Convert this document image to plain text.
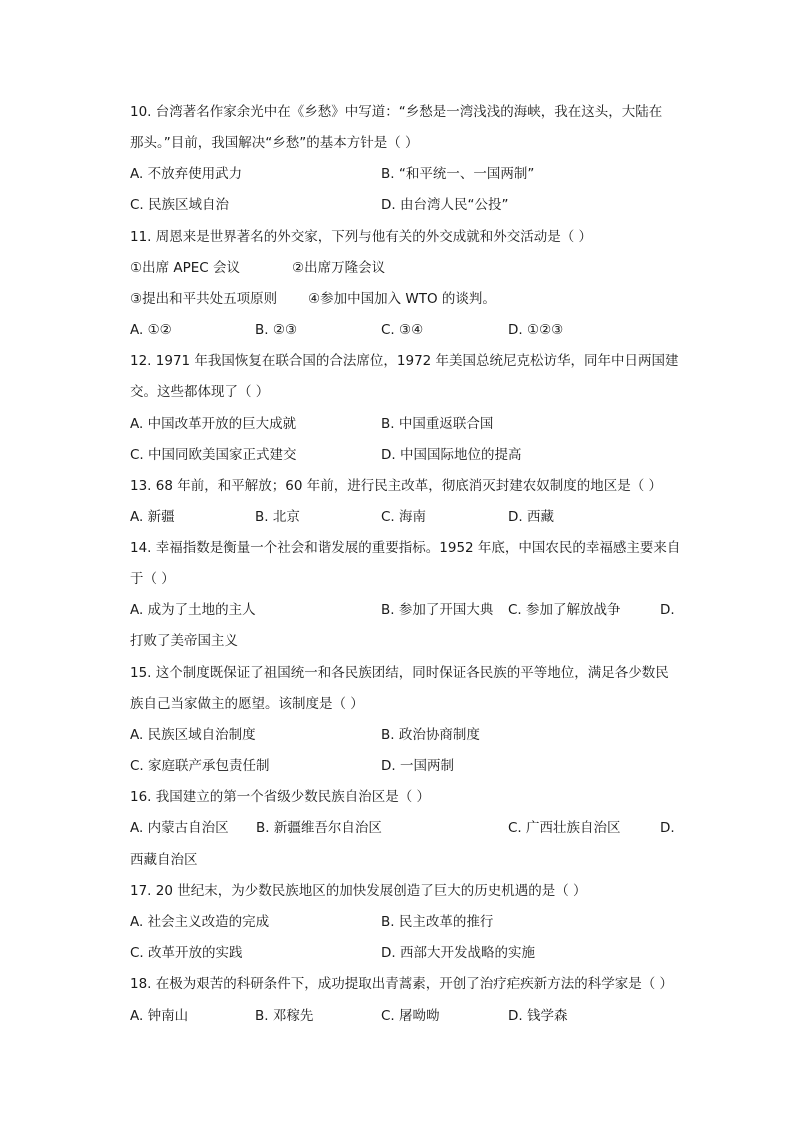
10. 台湾著名作家余光中在《乡愁》中写道：“乡愁是一湾浅浅的海峡，我在这头，大陆在
那头。”目前，我国解决“乡愁”的基本方针是（ ）
A. 不放弃使用武力	B. “和平统一、一国两制”
C. 民族区域自治	D. 由台湾人民“公投”
11. 周恩来是世界著名的外交家，下列与他有关的外交成就和外交活动是（ ）
①出席 APEC 会议	②出席万隆会议
③提出和平共处五项原则 ④参加中国加入 WTO 的谈判。
A. ①②	B. ②③	C. ③④	D. ①②③
12. 1971 年我国恢复在联合国的合法席位，1972 年美国总统尼克松访华，同年中日两国建
交。这些都体现了（ ）
A. 中国改革开放的巨大成就	B. 中国重返联合国
C. 中国同欧美国家正式建交	D. 中国国际地位的提高
13. 68 年前，和平解放；60 年前，进行民主改革，彻底消灭封建农奴制度的地区是（ ）
A. 新疆	B. 北京	C. 海南	D. 西藏
14. 幸福指数是衡量一个社会和谐发展的重要指标。1952 年底，中国农民的幸福感主要来自
于（ ）
A. 成为了土地的主人	B. 参加了开国大典 C. 参加了解放战争	D.
打败了美帝国主义
15. 这个制度既保证了祖国统一和各民族团结，同时保证各民族的平等地位，满足各少数民
族自己当家做主的愿望。该制度是（ ）
A. 民族区域自治制度	B. 政治协商制度
C. 家庭联产承包责任制	D. 一国两制
16. 我国建立的第一个省级少数民族自治区是（ ）
A. 内蒙古自治区 B. 新疆维吾尔自治区	C. 广西壮族自治区	D.
西藏自治区
17. 20 世纪末，为少数民族地区的加快发展创造了巨大的历史机遇的是（ ）
A. 社会主义改造的完成	B. 民主改革的推行
C. 改革开放的实践	D. 西部大开发战略的实施
18. 在极为艰苦的科研条件下，成功提取出青蒿素，开创了治疗疟疾新方法的科学家是（ ）
A. 钟南山	B. 邓稼先	C. 屠呦呦	D. 钱学森
